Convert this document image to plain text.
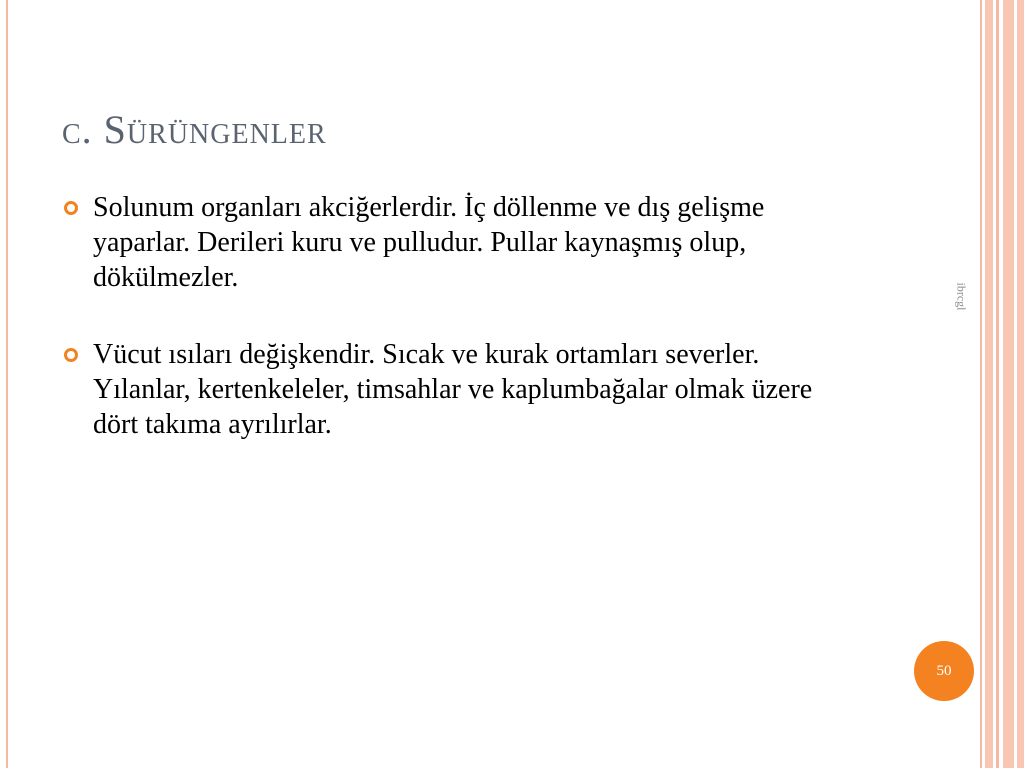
c. Sürüngenler
Solunum organları akciğerlerdir. İç döllenme ve dış gelişme yaparlar. Derileri kuru ve pulludur. Pullar kaynaşmış olup, dökülmezler.
Vücut ısıları değişkendir. Sıcak ve kurak ortamları severler. Yılanlar, kertenkeleler, timsahlar ve kaplumbağalar olmak üzere dört takıma ayrılırlar.
ibrcgl
50
